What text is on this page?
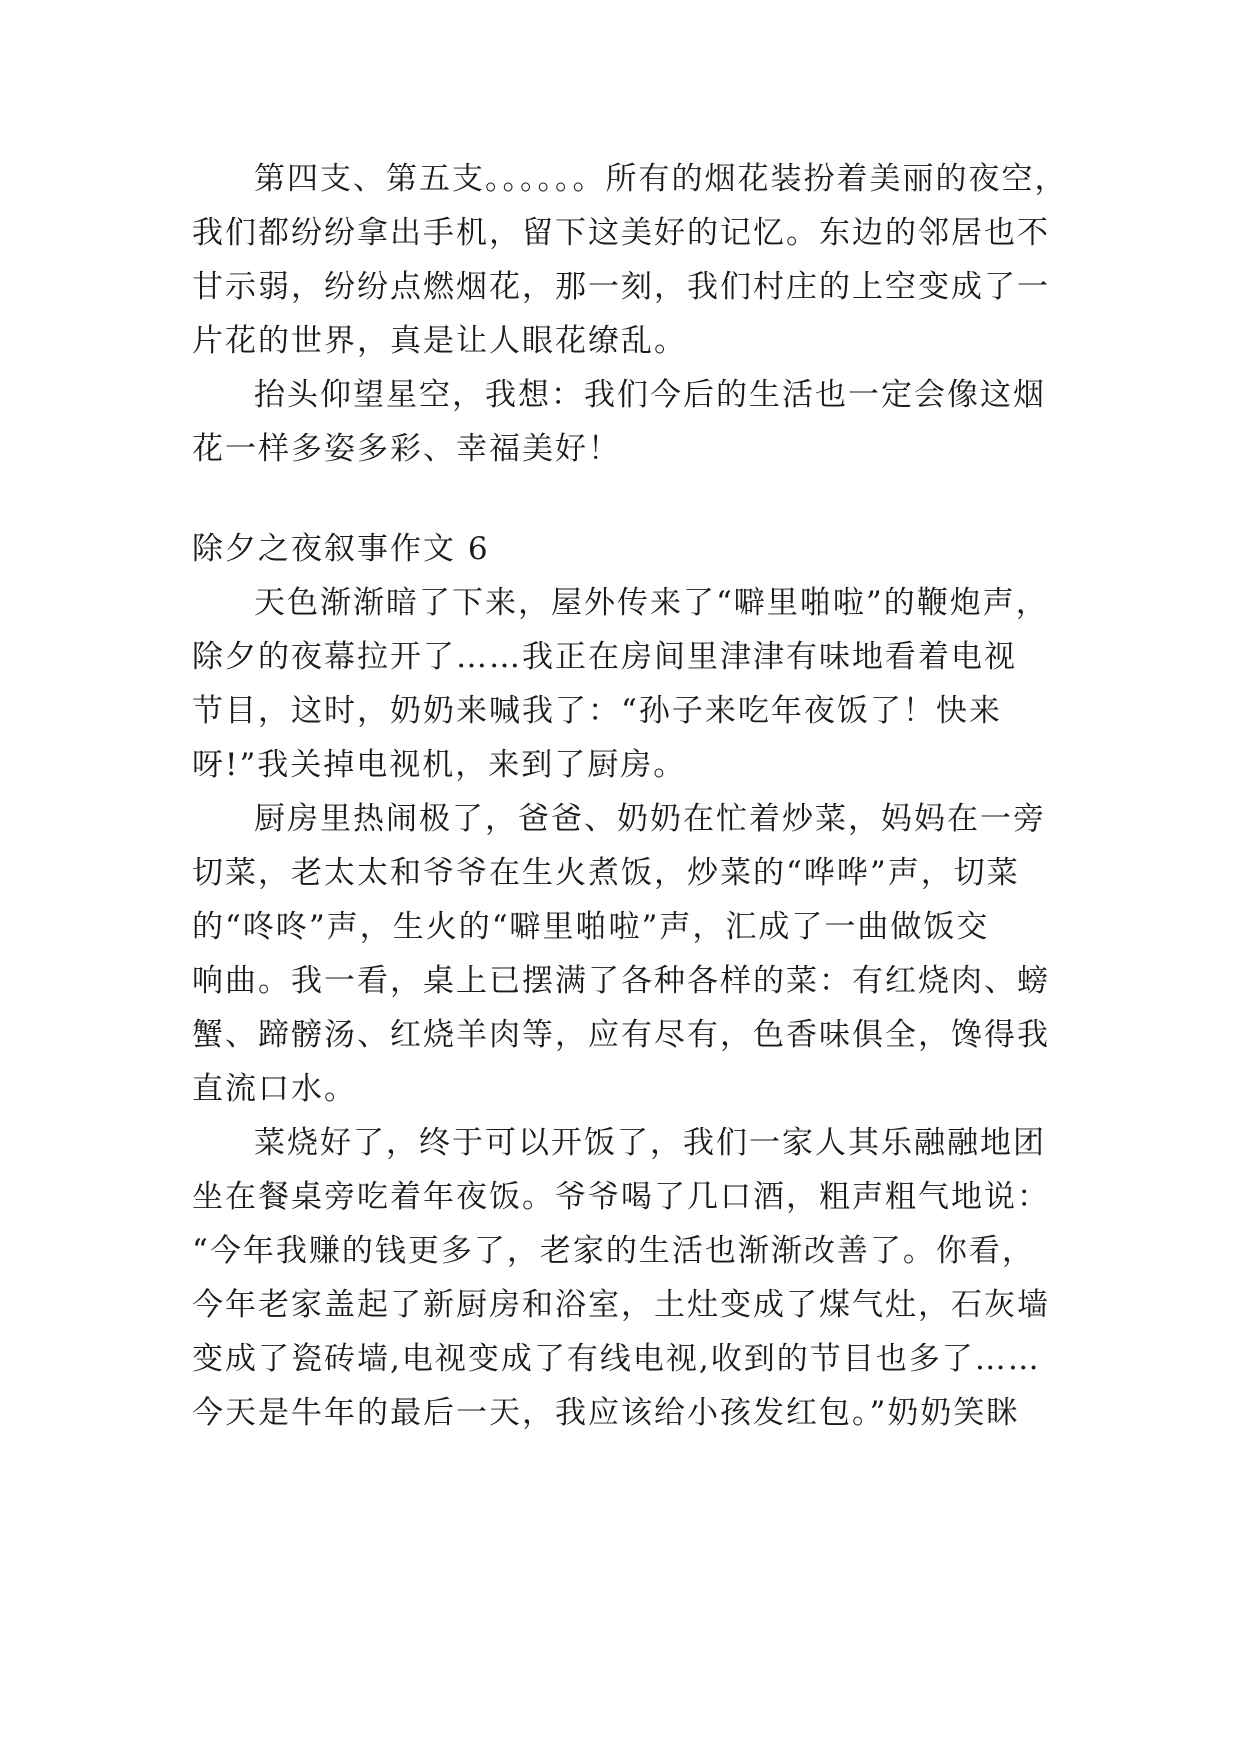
第四支、第五支。。。。。。所有的烟花装扮着美丽的夜空，
我们都纷纷拿出手机，留下这美好的记忆。东边的邻居也不
甘示弱，纷纷点燃烟花，那一刻，我们村庄的上空变成了一
片花的世界，真是让人眼花缭乱。
抬头仰望星空，我想：我们今后的生活也一定会像这烟
花一样多姿多彩、幸福美好！
除夕之夜叙事作文 6
天色渐渐暗了下来，屋外传来了“噼里啪啦”的鞭炮声，
除夕的夜幕拉开了……我正在房间里津津有味地看着电视
节目，这时，奶奶来喊我了：“孙子来吃年夜饭了！快来
呀!”我关掉电视机，来到了厨房。
厨房里热闹极了，爸爸、奶奶在忙着炒菜，妈妈在一旁
切菜，老太太和爷爷在生火煮饭，炒菜的“哗哗”声，切菜
的“咚咚”声，生火的“噼里啪啦”声，汇成了一曲做饭交
响曲。我一看，桌上已摆满了各种各样的菜：有红烧肉、螃
蟹、蹄髈汤、红烧羊肉等，应有尽有，色香味俱全，馋得我
直流口水。
菜烧好了，终于可以开饭了，我们一家人其乐融融地团
坐在餐桌旁吃着年夜饭。爷爷喝了几口酒，粗声粗气地说：
“今年我赚的钱更多了，老家的生活也渐渐改善了。你看，
今年老家盖起了新厨房和浴室，土灶变成了煤气灶，石灰墙
变成了瓷砖墙,电视变成了有线电视,收到的节目也多了……
今天是牛年的最后一天，我应该给小孩发红包。”奶奶笑眯
